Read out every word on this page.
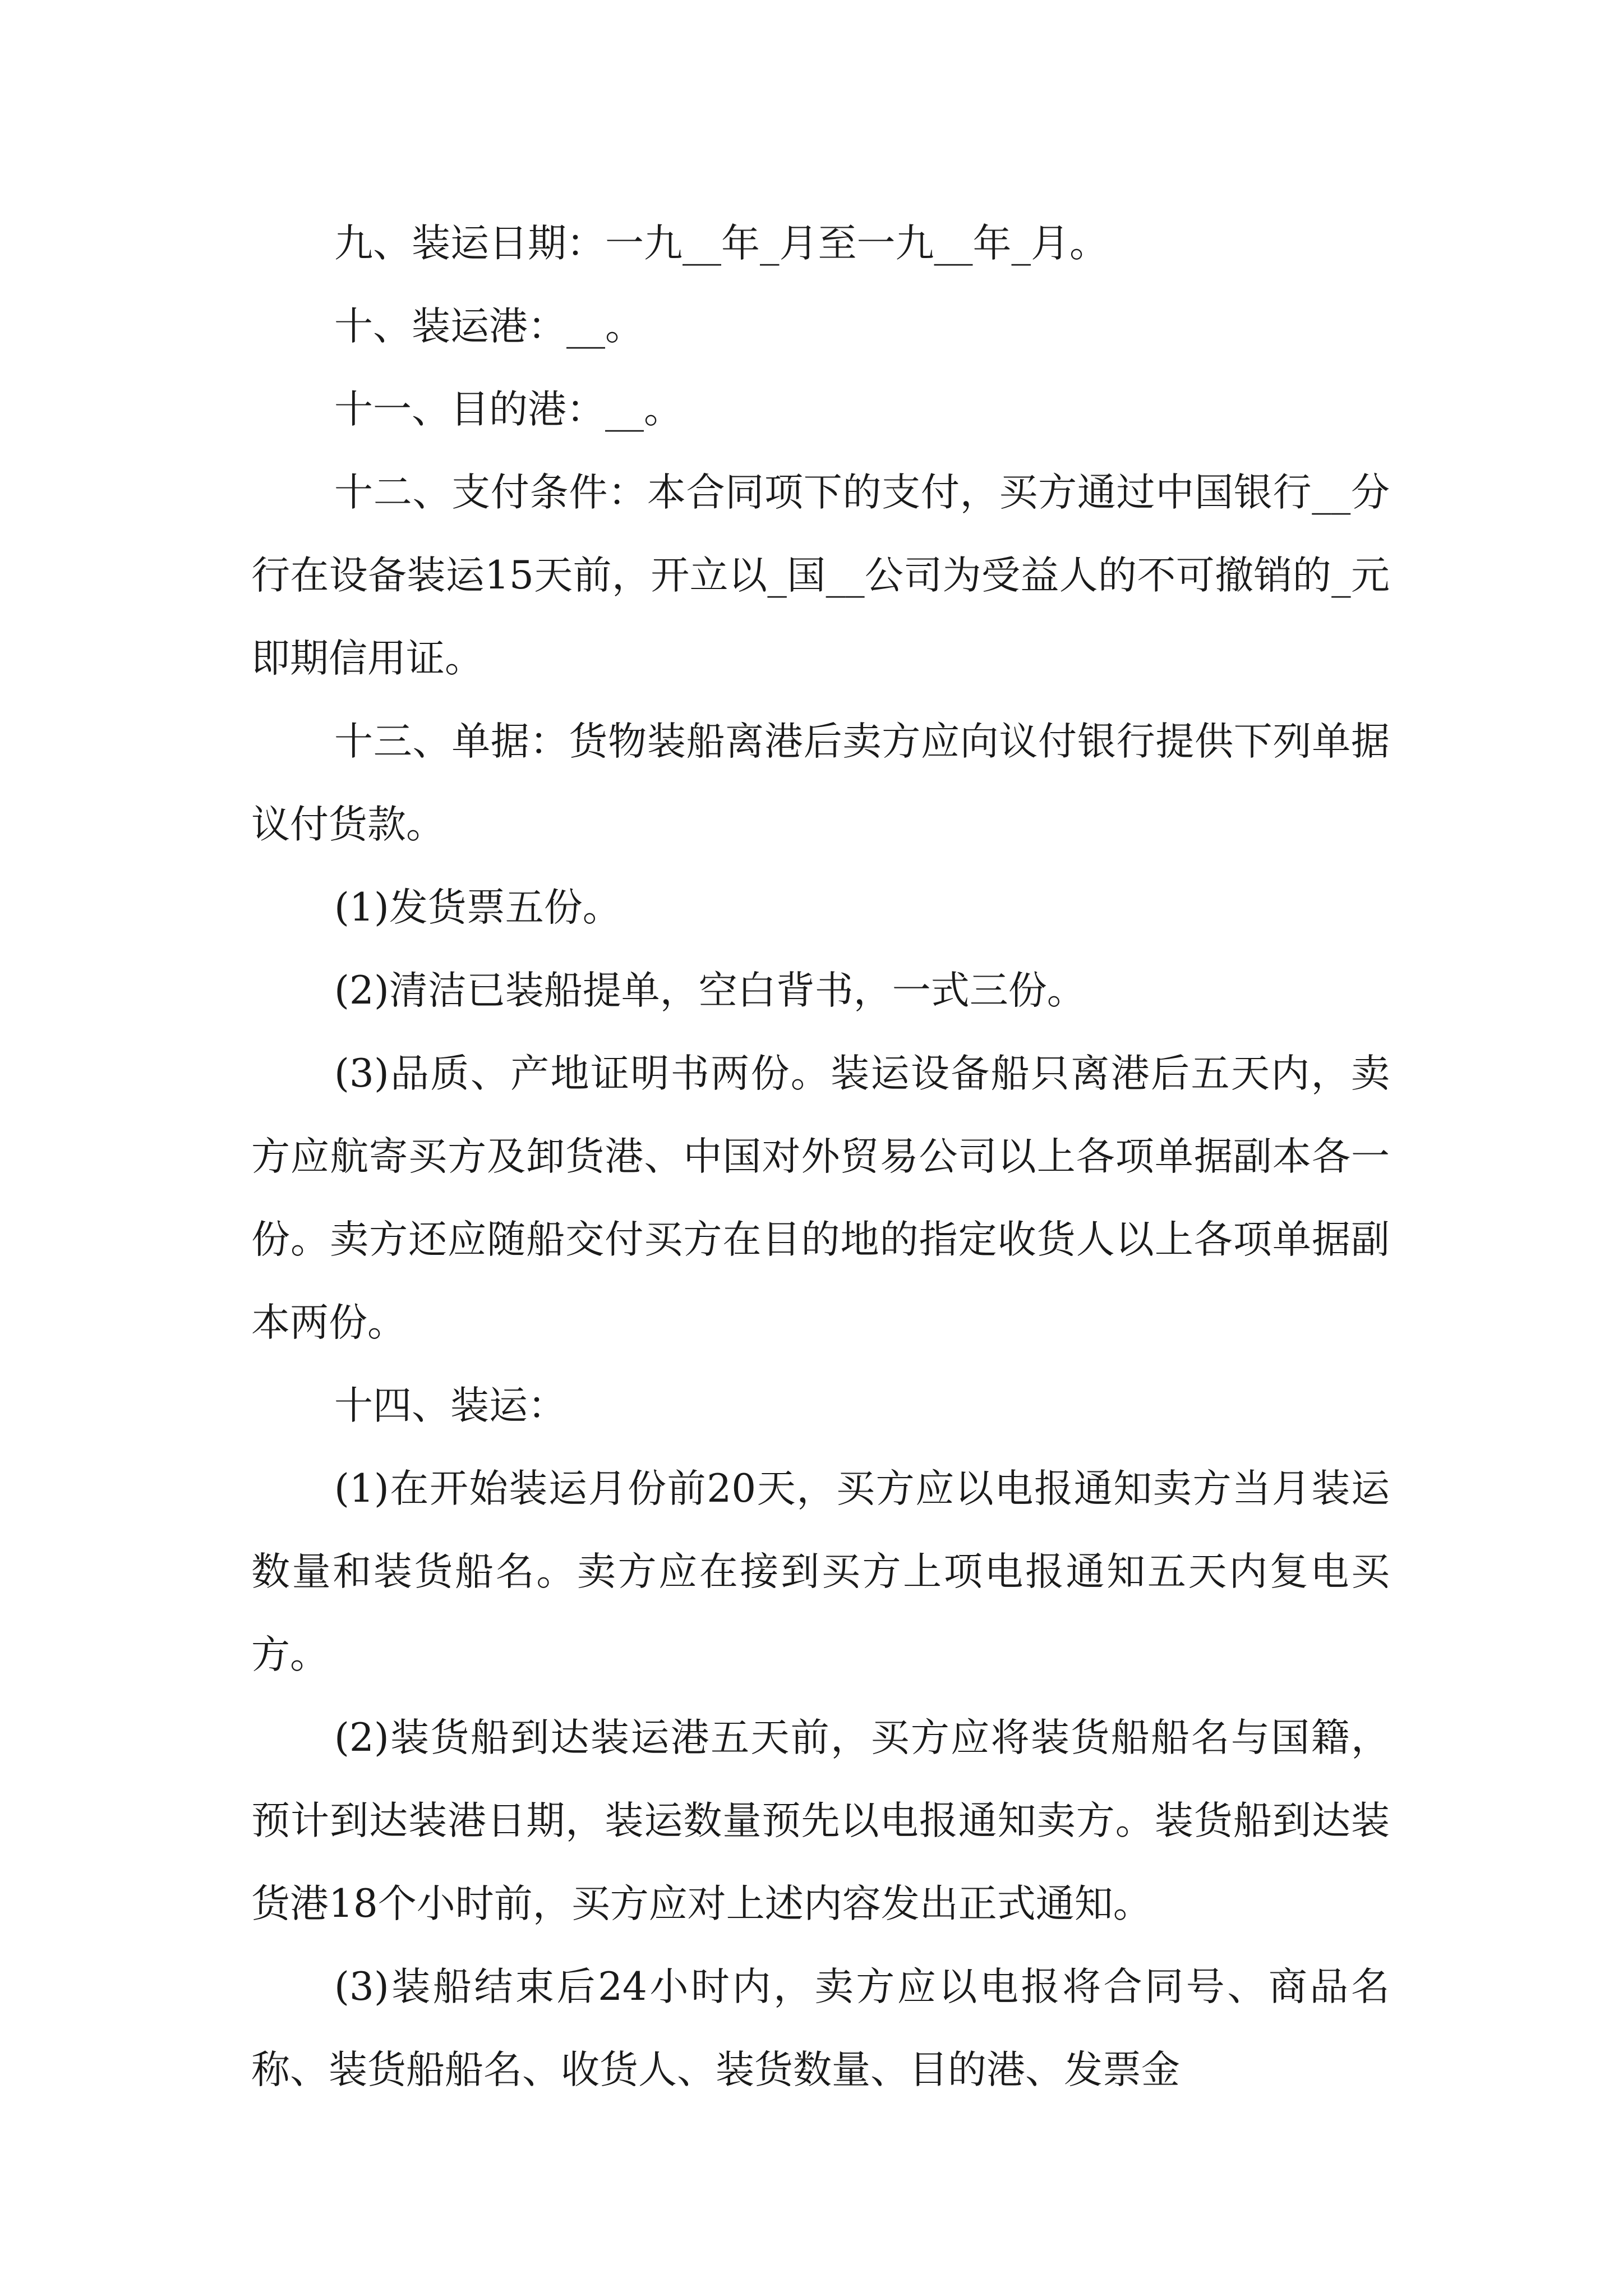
九、装运日期：一九__年_月至一九__年_月。

十、装运港：__。

十一、目的港：__。

十二、支付条件：本合同项下的支付，买方通过中国银行__分行在设备装运15天前，开立以_国__公司为受益人的不可撤销的_元即期信用证。

十三、单据：货物装船离港后卖方应向议付银行提供下列单据议付货款。

(1)发货票五份。

(2)清洁已装船提单，空白背书，一式三份。

(3)品质、产地证明书两份。装运设备船只离港后五天内，卖方应航寄买方及卸货港、中国对外贸易公司以上各项单据副本各一份。卖方还应随船交付买方在目的地的指定收货人以上各项单据副本两份。

十四、装运：

(1)在开始装运月份前20天，买方应以电报通知卖方当月装运数量和装货船名。卖方应在接到买方上项电报通知五天内复电买方。

(2)装货船到达装运港五天前，买方应将装货船船名与国籍，预计到达装港日期，装运数量预先以电报通知卖方。装货船到达装货港18个小时前，买方应对上述内容发出正式通知。

(3)装船结束后24小时内，卖方应以电报将合同号、商品名称、装货船船名、收货人、装货数量、目的港、发票金
